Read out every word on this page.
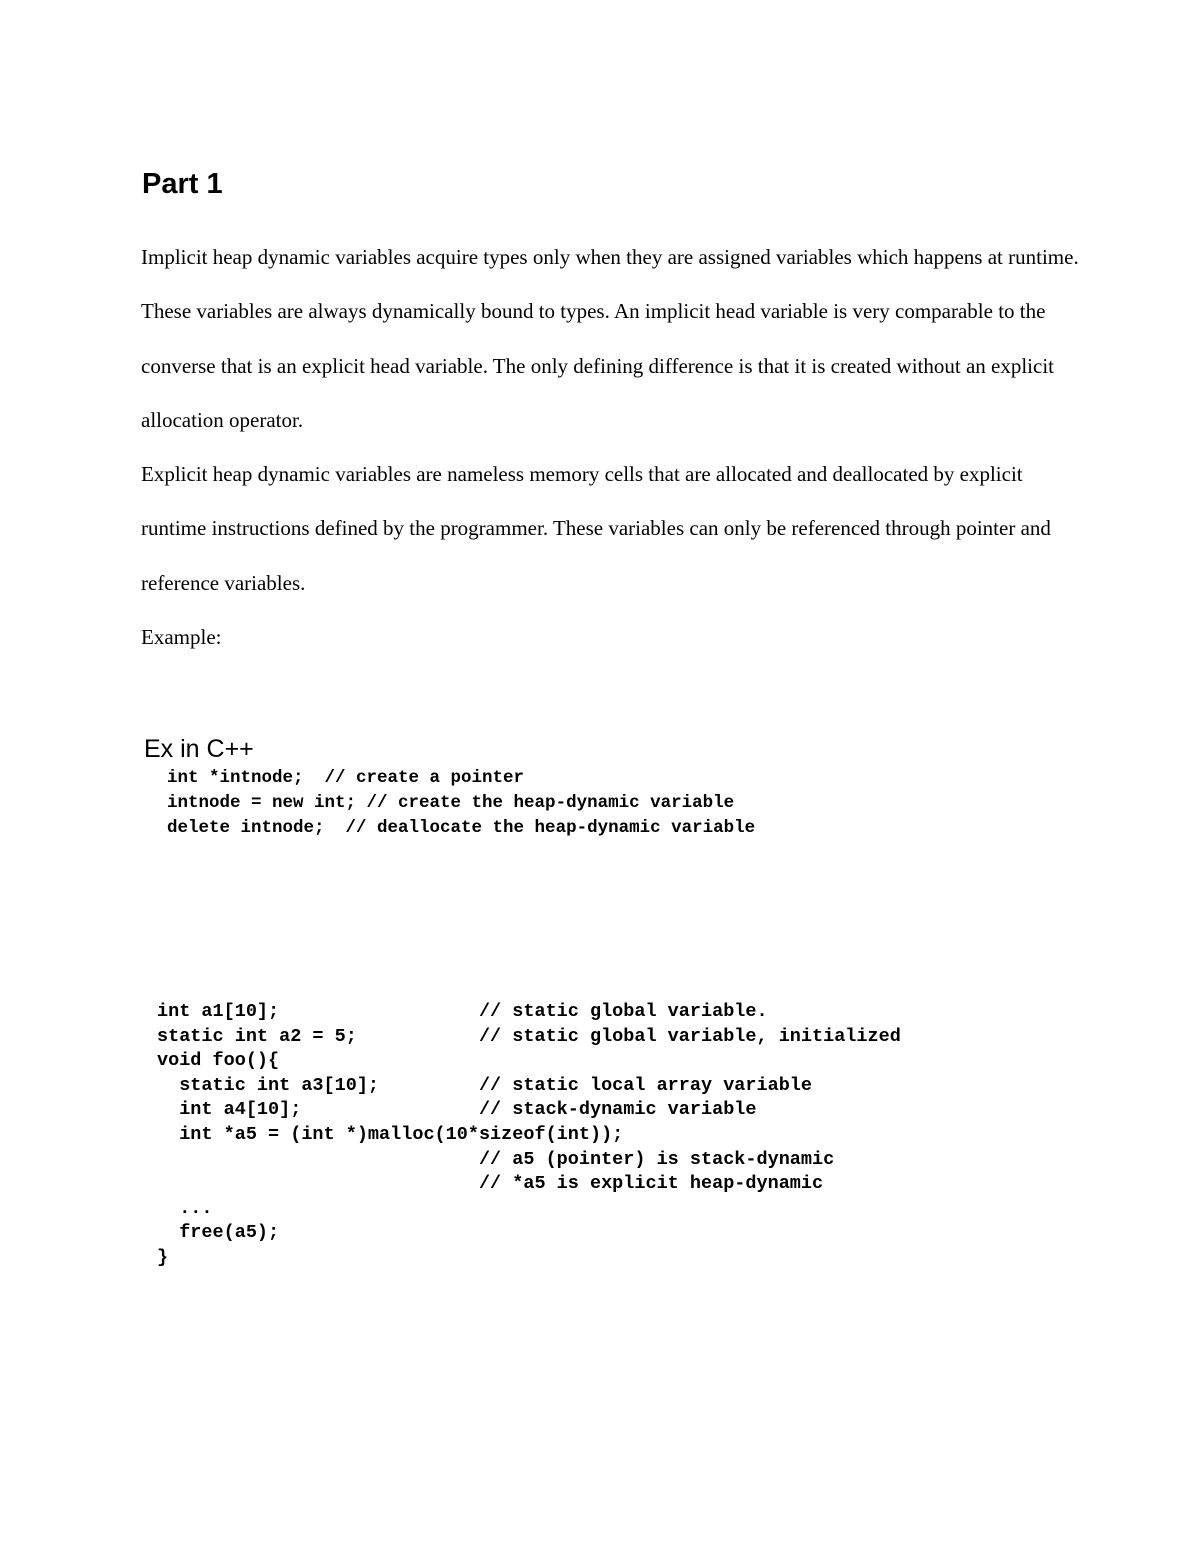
Part 1

Implicit heap dynamic variables acquire types only when they are assigned variables which happens at runtime. These variables are always dynamically bound to types. An implicit head variable is very comparable to the converse that is an explicit head variable. The only defining difference is that it is created without an explicit allocation operator.

Explicit heap dynamic variables are nameless memory cells that are allocated and deallocated by explicit runtime instructions defined by the programmer. These variables can only be referenced through pointer and reference variables.

Example:

Ex in C++
int *intnode;  // create a pointer
intnode = new int; // create the heap-dynamic variable
delete intnode;  // deallocate the heap-dynamic variable
int a1[10];                  // static global variable.
static int a2 = 5;           // static global variable, initialized
void foo(){
static int a3[10];         // static local array variable
int a4[10];                // stack-dynamic variable
int *a5 = (int *)malloc(10*sizeof(int));
// a5 (pointer) is stack-dynamic
// *a5 is explicit heap-dynamic
...
free(a5);
}
